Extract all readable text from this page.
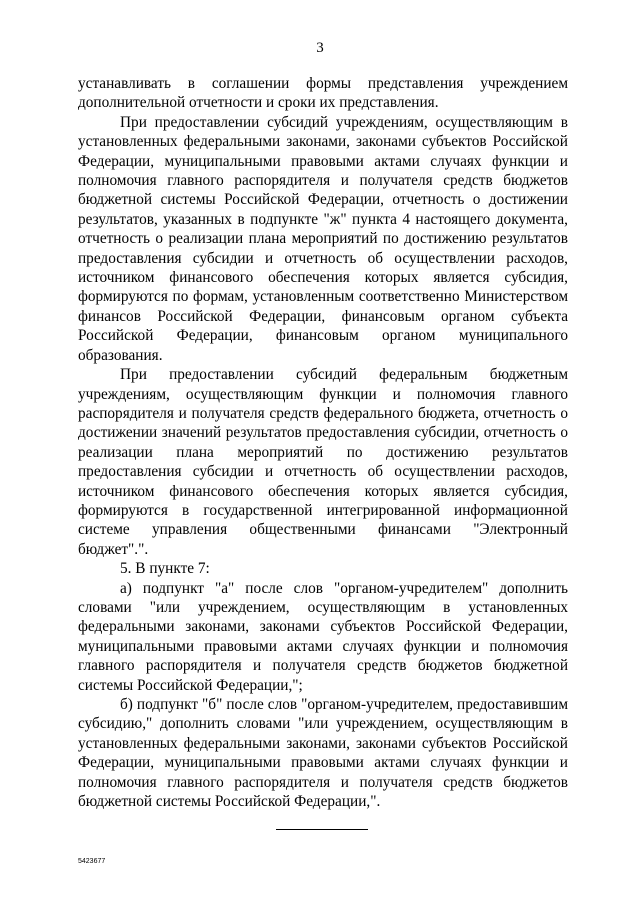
3

устанавливать в соглашении формы представления учреждением дополнительной отчетности и сроки их представления.

При предоставлении субсидий учреждениям, осуществляющим в установленных федеральными законами, законами субъектов Российской Федерации, муниципальными правовыми актами случаях функции и полномочия главного распорядителя и получателя средств бюджетов бюджетной системы Российской Федерации, отчетность о достижении результатов, указанных в подпункте "ж" пункта 4 настоящего документа, отчетность о реализации плана мероприятий по достижению результатов предоставления субсидии и отчетность об осуществлении расходов, источником финансового обеспечения которых является субсидия, формируются по формам, установленным соответственно Министерством финансов Российской Федерации, финансовым органом субъекта Российской Федерации, финансовым органом муниципального образования.

При предоставлении субсидий федеральным бюджетным учреждениям, осуществляющим функции и полномочия главного распорядителя и получателя средств федерального бюджета, отчетность о достижении значений результатов предоставления субсидии, отчетность о реализации плана мероприятий по достижению результатов предоставления субсидии и отчетность об осуществлении расходов, источником финансового обеспечения которых является субсидия, формируются в государственной интегрированной информационной системе управления общественными финансами "Электронный бюджет".".

5. В пункте 7:

а) подпункт "а" после слов "органом-учредителем" дополнить словами "или учреждением, осуществляющим в установленных федеральными законами, законами субъектов Российской Федерации, муниципальными правовыми актами случаях функции и полномочия главного распорядителя и получателя средств бюджетов бюджетной системы Российской Федерации,";

б) подпункт "б" после слов "органом-учредителем, предоставившим субсидию," дополнить словами "или учреждением, осуществляющим в установленных федеральными законами, законами субъектов Российской Федерации, муниципальными правовыми актами случаях функции и полномочия главного распорядителя и получателя средств бюджетов бюджетной системы Российской Федерации,".

5423677
